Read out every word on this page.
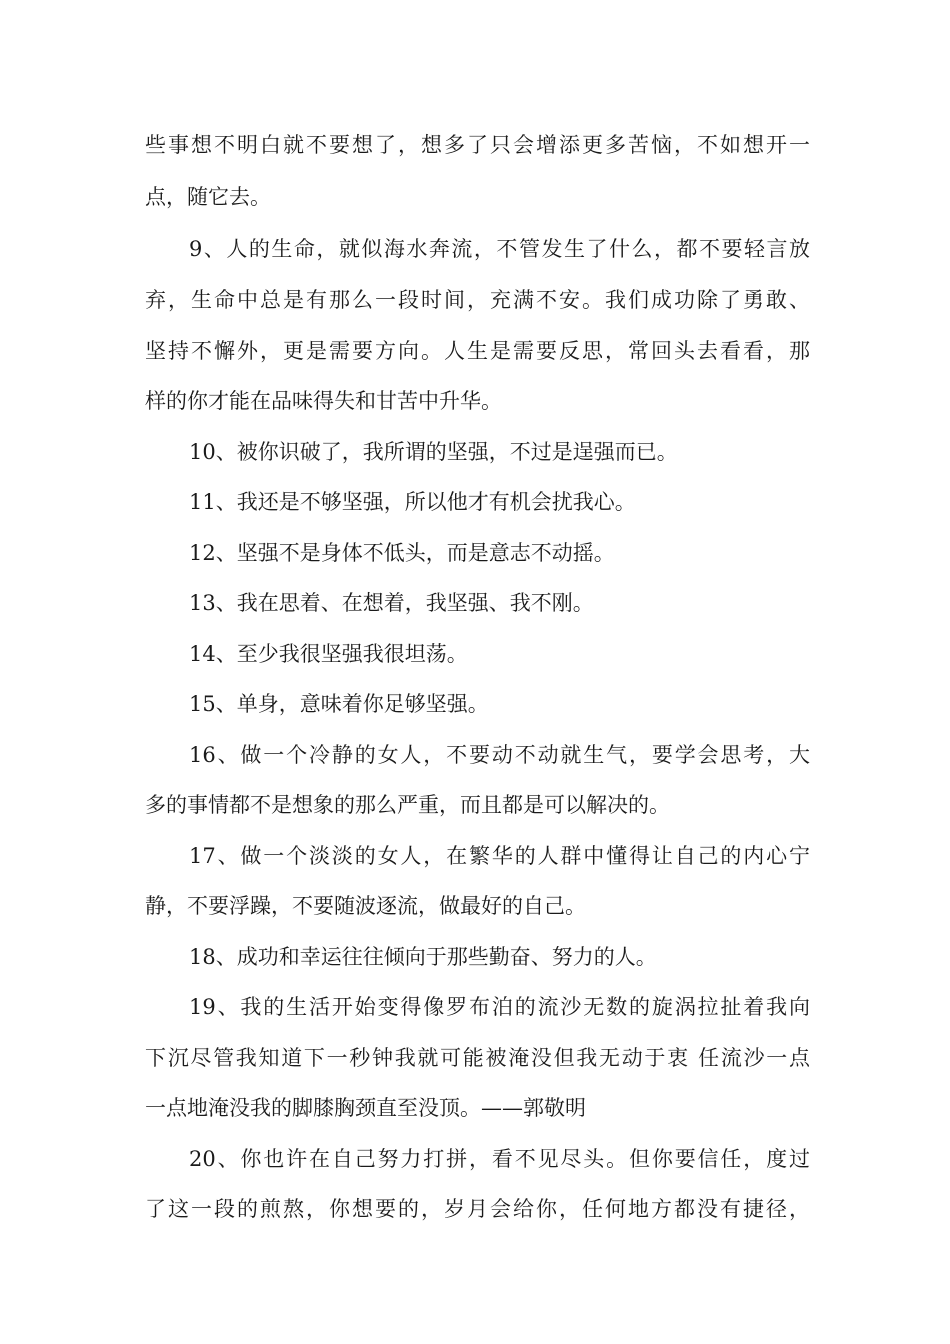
些事想不明白就不要想了，想多了只会增添更多苦恼，不如想开一
点，随它去。
9、人的生命，就似海水奔流，不管发生了什么，都不要轻言放
弃，生命中总是有那么一段时间，充满不安。我们成功除了勇敢、
坚持不懈外，更是需要方向。人生是需要反思，常回头去看看，那
样的你才能在品味得失和甘苦中升华。
10、被你识破了，我所谓的坚强，不过是逞强而已。
11、我还是不够坚强，所以他才有机会扰我心。
12、坚强不是身体不低头，而是意志不动摇。
13、我在思着、在想着，我坚强、我不刚。
14、至少我很坚强我很坦荡。
15、单身，意味着你足够坚强。
16、做一个冷静的女人，不要动不动就生气，要学会思考，大
多的事情都不是想象的那么严重，而且都是可以解决的。
17、做一个淡淡的女人，在繁华的人群中懂得让自己的内心宁
静，不要浮躁，不要随波逐流，做最好的自己。
18、成功和幸运往往倾向于那些勤奋、努力的人。
19、我的生活开始变得像罗布泊的流沙无数的旋涡拉扯着我向
下沉尽管我知道下一秒钟我就可能被淹没但我无动于衷 任流沙一点
一点地淹没我的脚膝胸颈直至没顶。——郭敬明
20、你也许在自己努力打拼，看不见尽头。但你要信任，度过
了这一段的煎熬，你想要的，岁月会给你，任何地方都没有捷径，
